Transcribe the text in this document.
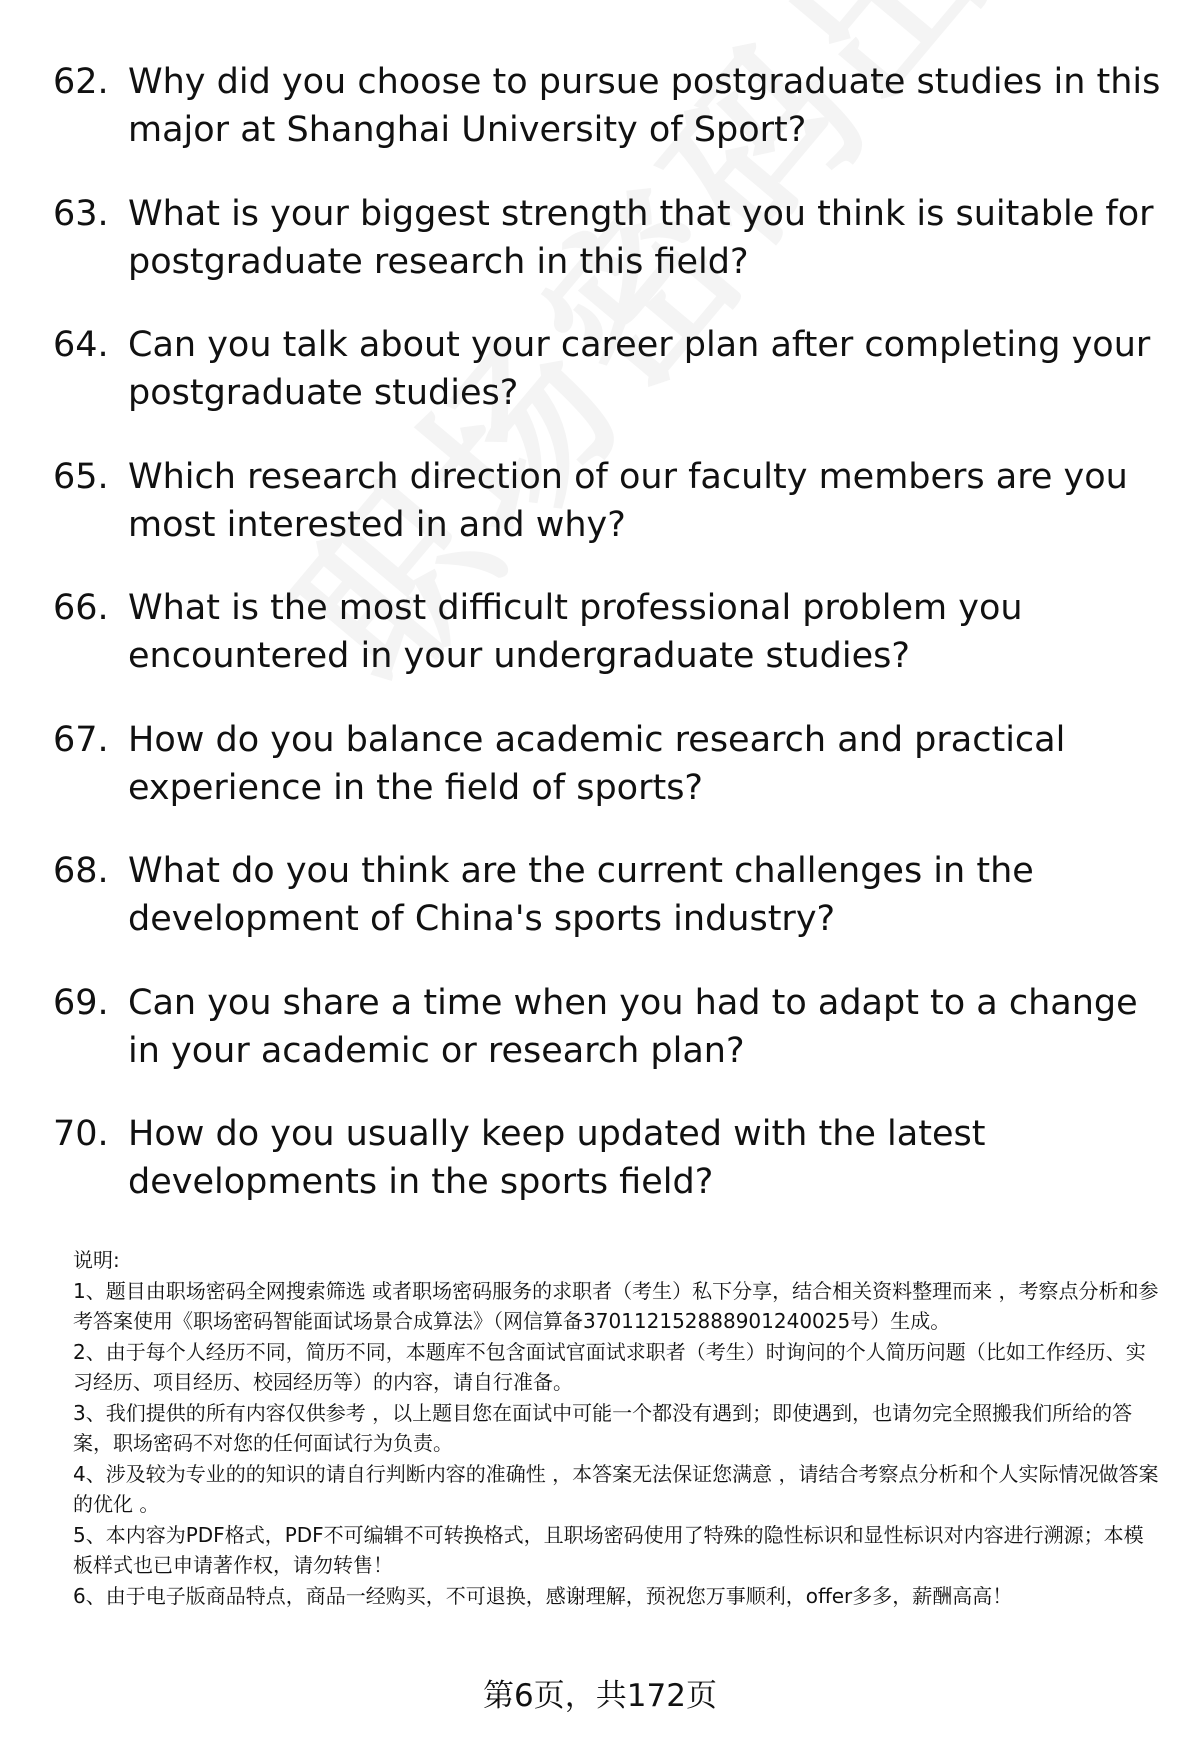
62. Why did you choose to pursue postgraduate studies in this major at Shanghai University of Sport?
63. What is your biggest strength that you think is suitable for postgraduate research in this field?
64. Can you talk about your career plan after completing your postgraduate studies?
65. Which research direction of our faculty members are you most interested in and why?
66. What is the most difficult professional problem you encountered in your undergraduate studies?
67. How do you balance academic research and practical experience in the field of sports?
68. What do you think are the current challenges in the development of China's sports industry?
69. Can you share a time when you had to adapt to a change in your academic or research plan?
70. How do you usually keep updated with the latest developments in the sports field?

说明:

1、题目由职场密码全网搜索筛选 或者职场密码服务的求职者（考生）私下分享，结合相关资料整理而来 ，考察点分析和参考答案使用《职场密码智能面试场景合成算法》（网信算备370112152888901240025号）生成。

2、由于每个人经历不同，简历不同，本题库不包含面试官面试求职者（考生）时询问的个人简历问题（比如工作经历、实习经历、项目经历、校园经历等）的内容，请自行准备。

3、我们提供的所有内容仅供参考 ，以上题目您在面试中可能一个都没有遇到；即使遇到，也请勿完全照搬我们所给的答案，职场密码不对您的任何面试行为负责。

4、涉及较为专业的的知识的请自行判断内容的准确性 ，本答案无法保证您满意 ，请结合考察点分析和个人实际情况做答案的优化 。

5、本内容为PDF格式，PDF不可编辑不可转换格式，且职场密码使用了特殊的隐性标识和显性标识对内容进行溯源；本模板样式也已申请著作权，请勿转售！

6、由于电子版商品特点，商品一经购买，不可退换，感谢理解，预祝您万事顺利，offer多多，薪酬高高！

第6页，共172页
